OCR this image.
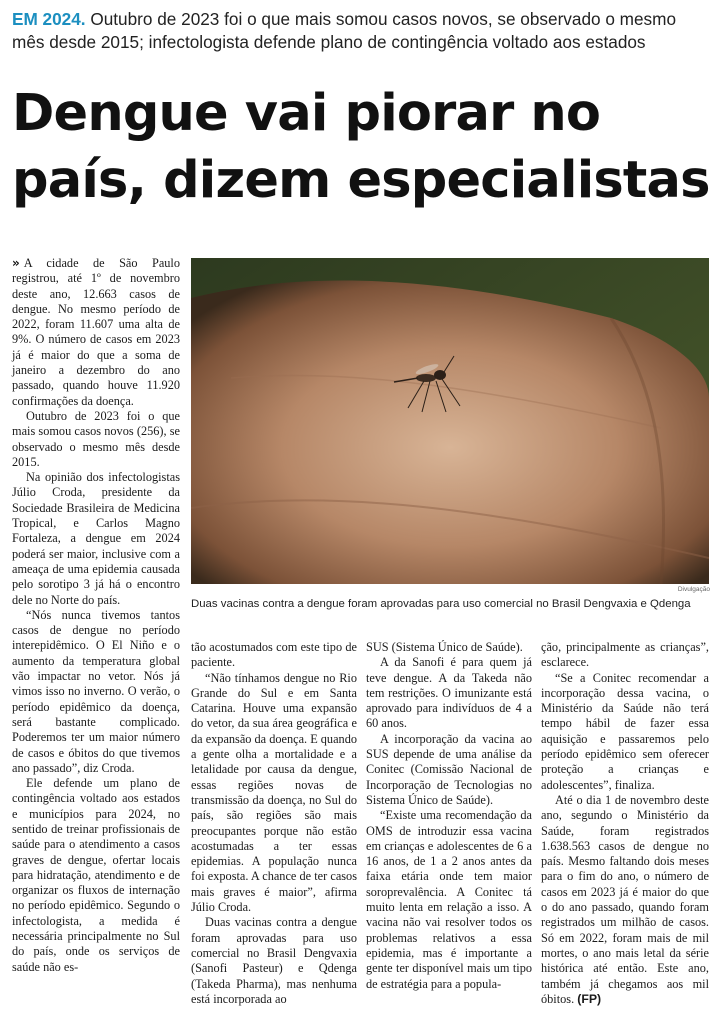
EM 2024. Outubro de 2023 foi o que mais somou casos novos, se observado o mesmo mês desde 2015; infectologista defende plano de contingência voltado aos estados
Dengue vai piorar no país, dizem especialistas
Divulgação
Duas vacinas contra a dengue foram aprovadas para uso comercial no Brasil Dengvaxia e Qdenga

» A cidade de São Paulo registrou, até 1º de novembro deste ano, 12.663 casos de dengue. No mesmo período de 2022, foram 11.607 uma alta de 9%. O número de casos em 2023 já é maior do que a soma de janeiro a dezembro do ano passado, quando houve 11.920 confirmações da doença.

Outubro de 2023 foi o que mais somou casos novos (256), se observado o mesmo mês desde 2015.

Na opinião dos infectologistas Júlio Croda, presidente da Sociedade Brasileira de Medicina Tropical, e Carlos Magno Fortaleza, a dengue em 2024 poderá ser maior, inclusive com a ameaça de uma epidemia causada pelo sorotipo 3 já há o encontro dele no Norte do país.

“Nós nunca tivemos tantos casos de dengue no período interepidêmico. O El Niño e o aumento da temperatura global vão impactar no vetor. Nós já vimos isso no inverno. O verão, o período epidêmico da doença, será bastante complicado. Poderemos ter um maior número de casos e óbitos do que tivemos ano passado”, diz Croda.

Ele defende um plano de contingência voltado aos estados e municípios para 2024, no sentido de treinar profissionais de saúde para o atendimento a casos graves de dengue, ofertar locais para hidratação, atendimento e de organizar os fluxos de internação no período epidêmico. Segundo o infectologista, a medida é necessária principalmente no Sul do país, onde os serviços de saúde não es-

tão acostumados com este tipo de paciente.

“Não tínhamos dengue no Rio Grande do Sul e em Santa Catarina. Houve uma expansão do vetor, da sua área geográfica e da expansão da doença. E quando a gente olha a mortalidade e a letalidade por causa da dengue, essas regiões novas de transmissão da doença, no Sul do país, são regiões são mais preocupantes porque não estão acostumadas a ter essas epidemias. A população nunca foi exposta. A chance de ter casos mais graves é maior”, afirma Júlio Croda.

Duas vacinas contra a dengue foram aprovadas para uso comercial no Brasil Dengvaxia (Sanofi Pasteur) e Qdenga (Takeda Pharma), mas nenhuma está incorporada ao

SUS (Sistema Único de Saúde).

A da Sanofi é para quem já teve dengue. A da Takeda não tem restrições. O imunizante está aprovado para indivíduos de 4 a 60 anos.

A incorporação da vacina ao SUS depende de uma análise da Conitec (Comissão Nacional de Incorporação de Tecnologias no Sistema Único de Saúde).

“Existe uma recomendação da OMS de introduzir essa vacina em crianças e adolescentes de 6 a 16 anos, de 1 a 2 anos antes da faixa etária onde tem maior soroprevalência. A Conitec tá muito lenta em relação a isso. A vacina não vai resolver todos os problemas relativos a essa epidemia, mas é importante a gente ter disponível mais um tipo de estratégia para a popula-

ção, principalmente as crianças”, esclarece.

“Se a Conitec recomendar a incorporação dessa vacina, o Ministério da Saúde não terá tempo hábil de fazer essa aquisição e passaremos pelo período epidêmico sem oferecer proteção a crianças e adolescentes”, finaliza.

Até o dia 1 de novembro deste ano, segundo o Ministério da Saúde, foram registrados 1.638.563 casos de dengue no país. Mesmo faltando dois meses para o fim do ano, o número de casos em 2023 já é maior do que o do ano passado, quando foram registrados um milhão de casos. Só em 2022, foram mais de mil mortes, o ano mais letal da série histórica até então. Este ano, também já chegamos aos mil óbitos. (FP)
